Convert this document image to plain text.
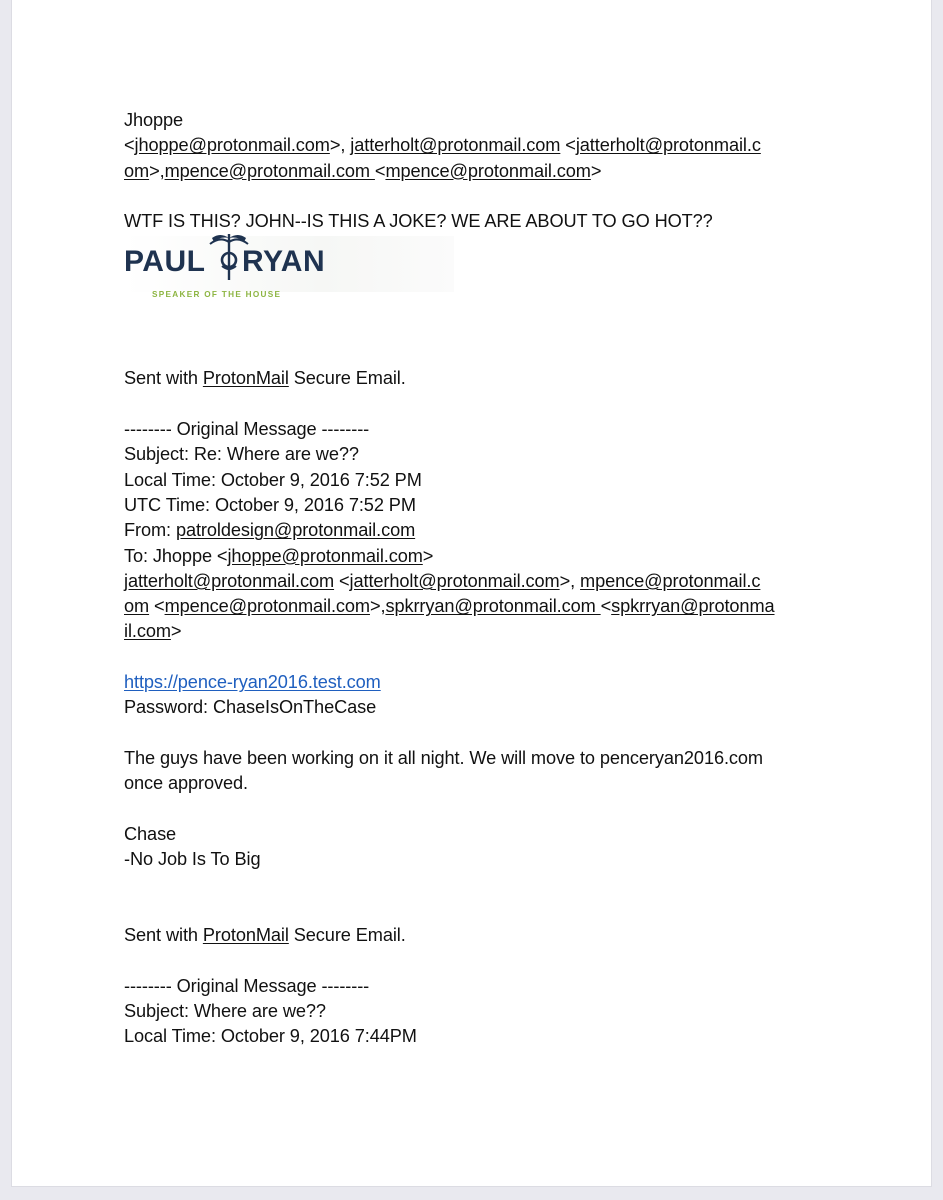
Jhoppe
<jhoppe@protonmail.com>, jatterholt@protonmail.com <jatterholt@protonmail.c
om>,mpence@protonmail.com <mpence@protonmail.com>
WTF IS THIS? JOHN--IS THIS A JOKE? WE ARE ABOUT TO GO HOT??
PAUL RYAN
SPEAKER OF THE HOUSE
Sent with ProtonMail Secure Email.
-------- Original Message --------
Subject: Re: Where are we??
Local Time: October 9, 2016 7:52 PM
UTC Time: October 9, 2016 7:52 PM
From: patroldesign@protonmail.com
To: Jhoppe <jhoppe@protonmail.com>
jatterholt@protonmail.com <jatterholt@protonmail.com>, mpence@protonmail.c
om <mpence@protonmail.com>,spkrryan@protonmail.com <spkrryan@protonma
il.com>
https://pence-ryan2016.test.com
Password: ChaseIsOnTheCase
The guys have been working on it all night. We will move to penceryan2016.com
once approved.
Chase
-No Job Is To Big
Sent with ProtonMail Secure Email.
-------- Original Message --------
Subject: Where are we??
Local Time: October 9, 2016 7:44PM
